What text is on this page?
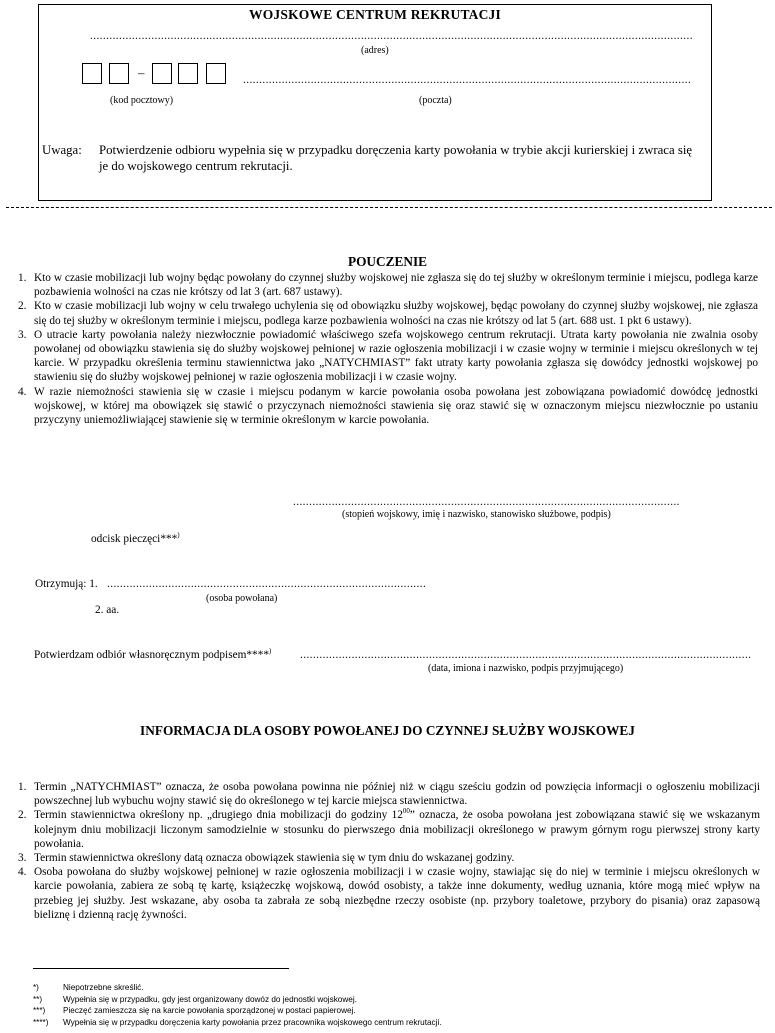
WOJSKOWE CENTRUM REKRUTACJI
.....
(adres)
–
.....
(kod pocztowy)	(poczta)
Uwaga: Potwierdzenie odbioru wypełnia się w przypadku doręczenia karty powołania w trybie akcji kurierskiej i zwraca się je do wojskowego centrum rekrutacji.
POUCZENIE
1. Kto w czasie mobilizacji lub wojny będąc powołany do czynnej służby wojskowej nie zgłasza się do tej służby w określonym terminie i miejscu, podlega karze pozbawienia wolności na czas nie krótszy od lat 3 (art. 687 ustawy).
2. Kto w czasie mobilizacji lub wojny w celu trwałego uchylenia się od obowiązku służby wojskowej, będąc powołany do czynnej służby wojskowej, nie zgłasza się do tej służby w określonym terminie i miejscu, podlega karze pozbawienia wolności na czas nie krótszy od lat 5 (art. 688 ust. 1 pkt 6 ustawy).
3. O utracie karty powołania należy niezwłocznie powiadomić właściwego szefa wojskowego centrum rekrutacji. Utrata karty powołania nie zwalnia osoby powołanej od obowiązku stawienia się do służby wojskowej pełnionej w razie ogłoszenia mobilizacji i w czasie wojny w terminie i miejscu określonych w tej karcie. W przypadku określenia terminu stawiennictwa jako „NATYCHMIAST” fakt utraty karty powołania zgłasza się dowódcy jednostki wojskowej po stawieniu się do służby wojskowej pełnionej w razie ogłoszenia mobilizacji i w czasie wojny.
4. W razie niemożności stawienia się w czasie i miejscu podanym w karcie powołania osoba powołana jest zobowiązana powiadomić dowódcę jednostki wojskowej, w której ma obowiązek się stawić o przyczynach niemożności stawienia się oraz stawić się w oznaczonym miejscu niezwłocznie po ustaniu przyczyny uniemożliwiającej stawienie się w terminie określonym w karcie powołania.
.....
(stopień wojskowy, imię i nazwisko, stanowisko służbowe, podpis)
odcisk pieczęci***)
Otrzymują: 1.
.....
(osoba powołana)
2. aa.
Potwierdzam odbiór własnoręcznym podpisem****)
.....
(data, imiona i nazwisko, podpis przyjmującego)
INFORMACJA DLA OSOBY POWOŁANEJ DO CZYNNEJ SŁUŻBY WOJSKOWEJ
1. Termin „NATYCHMIAST” oznacza, że osoba powołana powinna nie później niż w ciągu sześciu godzin od powzięcia informacji o ogłoszeniu mobilizacji powszechnej lub wybuchu wojny stawić się do określonego w tej karcie miejsca stawiennictwa.
2. Termin stawiennictwa określony np. „drugiego dnia mobilizacji do godziny $12^{00}$” oznacza, że osoba powołana jest zobowiązana stawić się we wskazanym kolejnym dniu mobilizacji liczonym samodzielnie w stosunku do pierwszego dnia mobilizacji określonego w prawym górnym rogu pierwszej strony karty powołania.
3. Termin stawiennictwa określony datą oznacza obowiązek stawienia się w tym dniu do wskazanej godziny.
4. Osoba powołana do służby wojskowej pełnionej w razie ogłoszenia mobilizacji i w czasie wojny, stawiając się do niej w terminie i miejscu określonych w karcie powołania, zabiera ze sobą tę kartę, książeczkę wojskową, dowód osobisty, a także inne dokumenty, według uznania, które mogą mieć wpływ na przebieg jej służby. Jest wskazane, aby osoba ta zabrała ze sobą niezbędne rzeczy osobiste (np. przybory toaletowe, przybory do pisania) oraz zapasową bieliznę i dzienną rację żywności.
*)	Niepotrzebne skreślić.
**)	Wypełnia się w przypadku, gdy jest organizowany dowóz do jednostki wojskowej.
***) Pieczęć zamieszcza się na karcie powołania sporządzonej w postaci papierowej.
****) Wypełnia się w przypadku doręczenia karty powołania przez pracownika wojskowego centrum rekrutacji.
